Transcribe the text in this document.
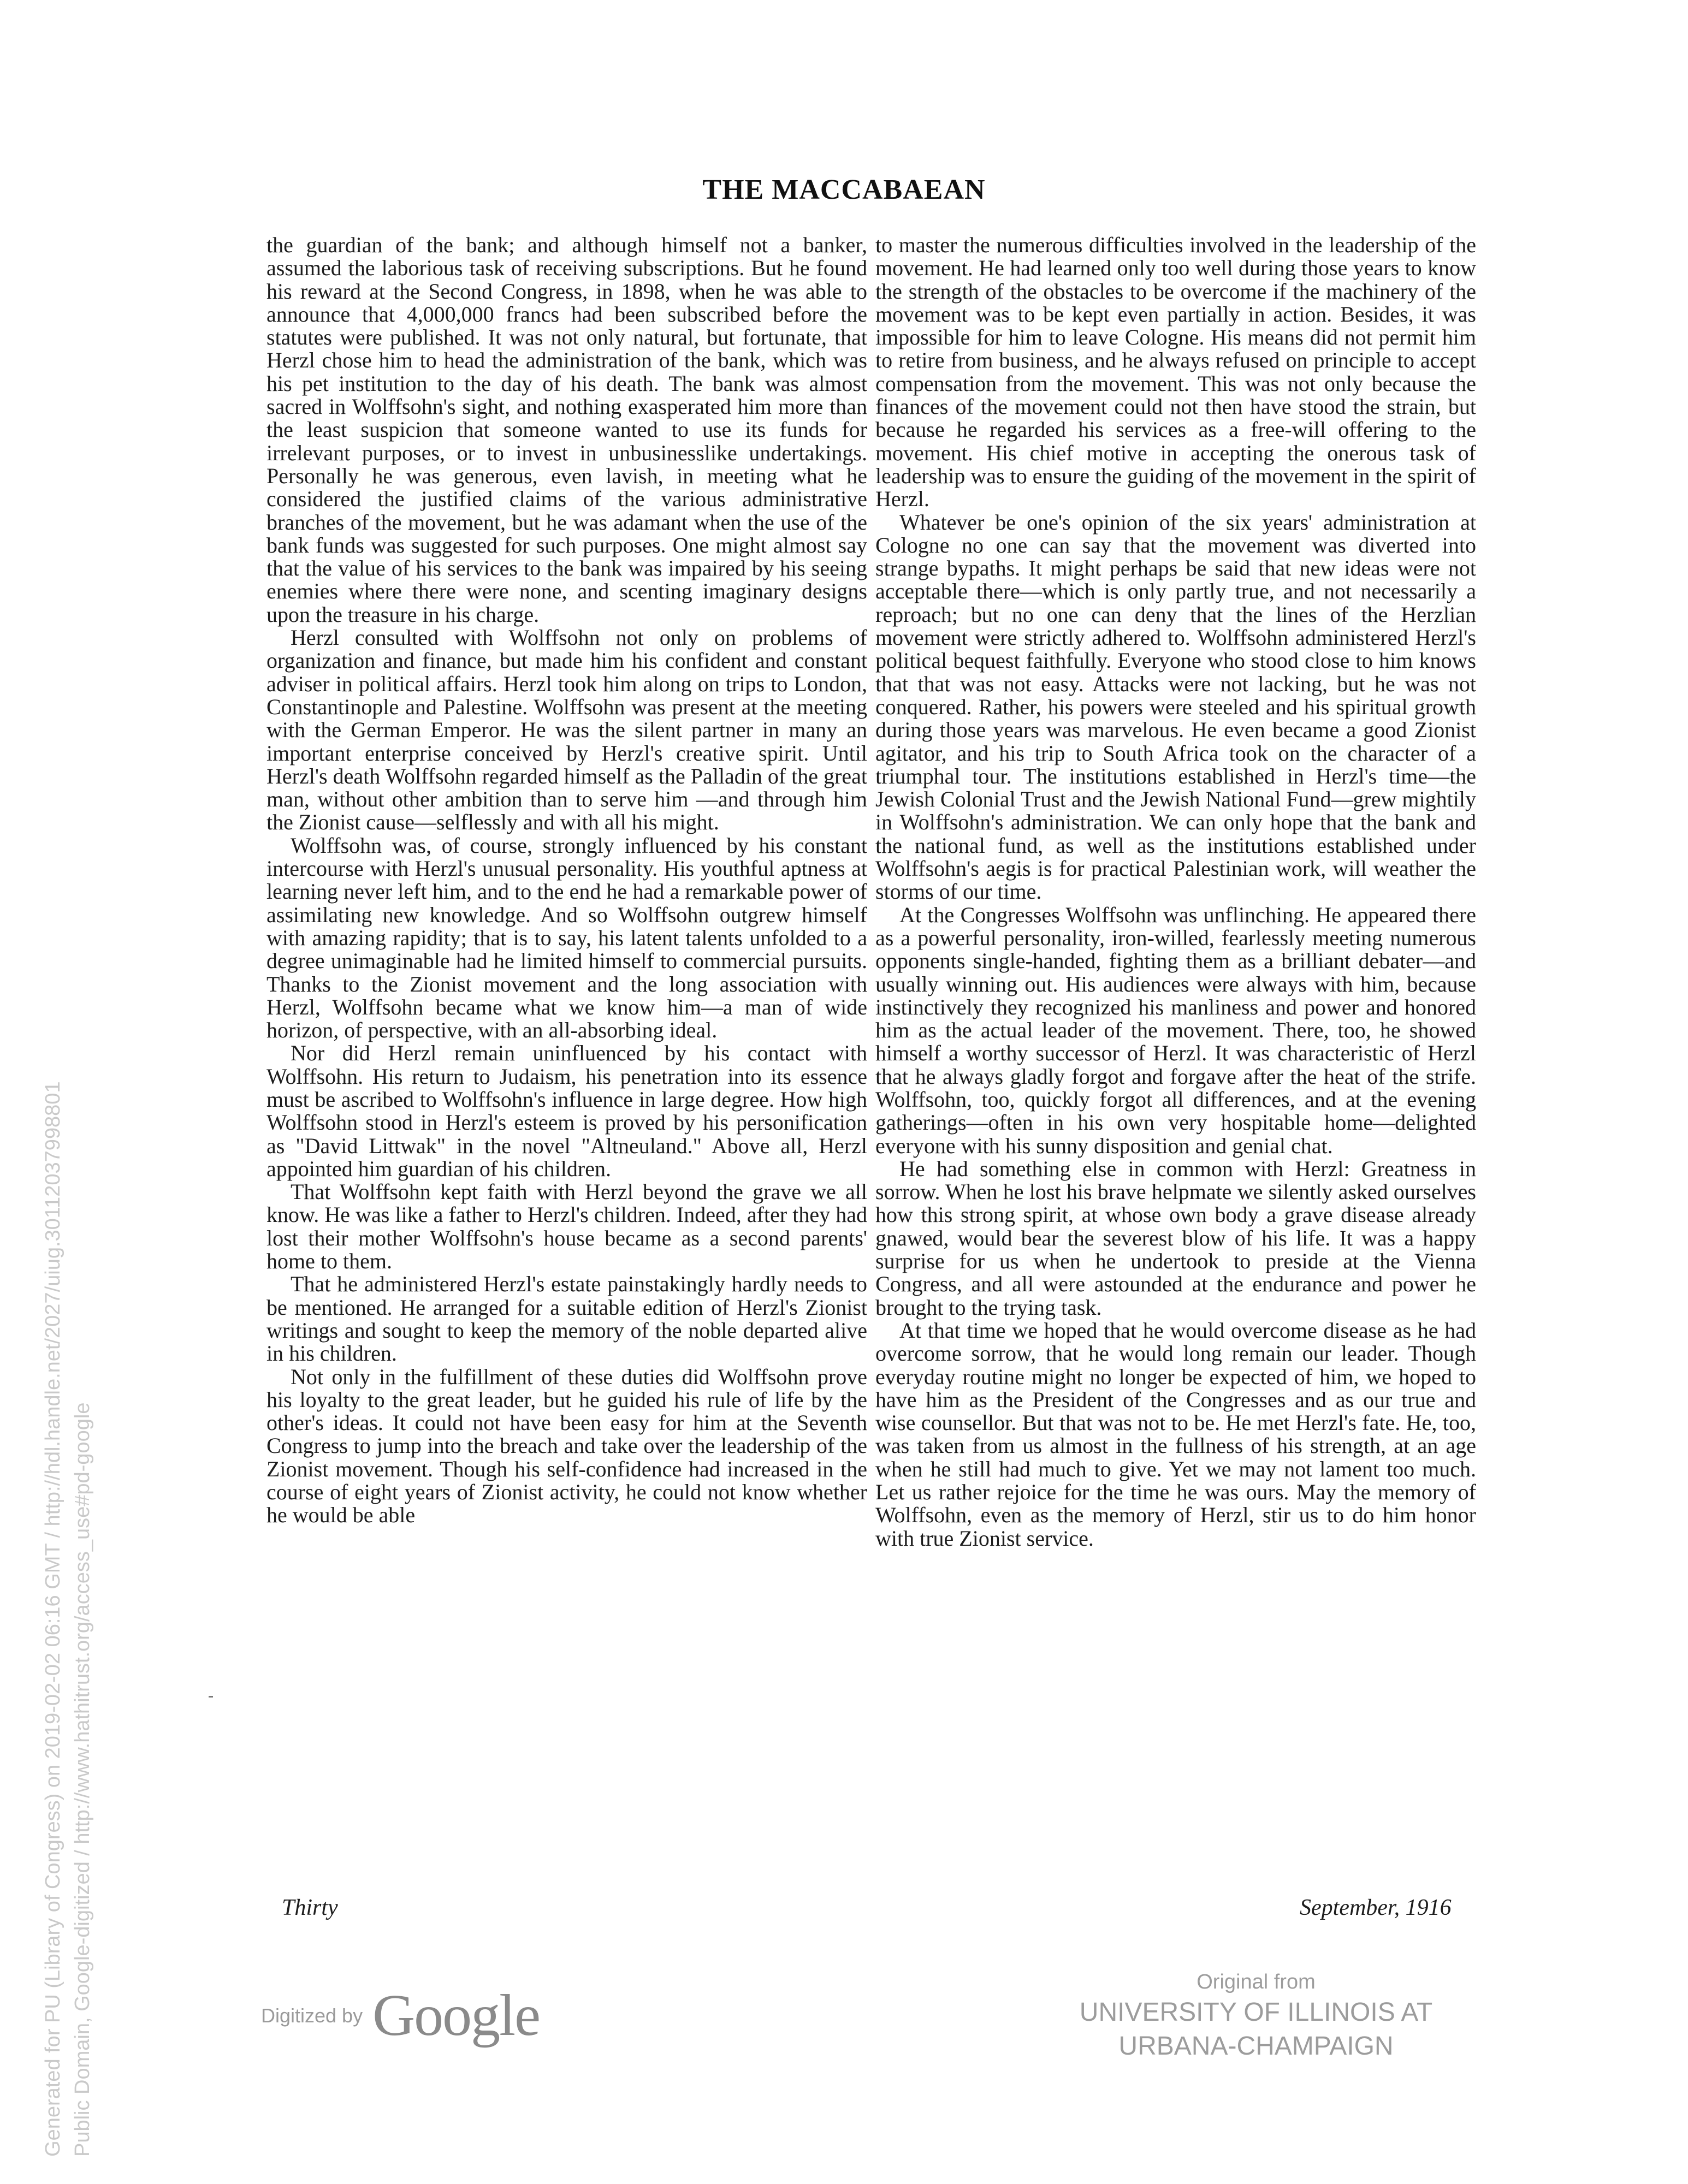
THE MACCABAEAN

the guardian of the bank; and although himself not a banker, assumed the laborious task of receiving subscriptions. But he found his reward at the Second Congress, in 1898, when he was able to announce that 4,000,000 francs had been subscribed before the statutes were published. It was not only natural, but fortunate, that Herzl chose him to head the administration of the bank, which was his pet institution to the day of his death. The bank was almost sacred in Wolffsohn's sight, and nothing exasperated him more than the least suspicion that someone wanted to use its funds for irrelevant purposes, or to invest in unbusinesslike undertakings. Personally he was generous, even lavish, in meeting what he considered the justified claims of the various administrative branches of the movement, but he was adamant when the use of the bank funds was suggested for such purposes. One might almost say that the value of his services to the bank was impaired by his seeing enemies where there were none, and scenting imaginary designs upon the treasure in his charge.

Herzl consulted with Wolffsohn not only on problems of organization and finance, but made him his confident and constant adviser in political affairs. Herzl took him along on trips to London, Constantinople and Palestine. Wolffsohn was present at the meeting with the German Emperor. He was the silent partner in many an important enterprise conceived by Herzl's creative spirit. Until Herzl's death Wolffsohn regarded himself as the Palladin of the great man, without other ambition than to serve him —and through him the Zionist cause—selflessly and with all his might.

Wolffsohn was, of course, strongly influenced by his constant intercourse with Herzl's unusual personality. His youthful aptness at learning never left him, and to the end he had a remarkable power of assimilating new knowledge. And so Wolffsohn outgrew himself with amazing rapidity; that is to say, his latent talents unfolded to a degree unimaginable had he limited himself to commercial pursuits. Thanks to the Zionist movement and the long association with Herzl, Wolffsohn became what we know him—a man of wide horizon, of perspective, with an all-absorbing ideal.

Nor did Herzl remain uninfluenced by his contact with Wolffsohn. His return to Judaism, his penetration into its essence must be ascribed to Wolffsohn's influence in large degree. How high Wolffsohn stood in Herzl's esteem is proved by his personification as "David Littwak" in the novel "Altneuland." Above all, Herzl appointed him guardian of his children.

That Wolffsohn kept faith with Herzl beyond the grave we all know. He was like a father to Herzl's children. Indeed, after they had lost their mother Wolffsohn's house became as a second parents' home to them.

That he administered Herzl's estate painstakingly hardly needs to be mentioned. He arranged for a suitable edition of Herzl's Zionist writings and sought to keep the memory of the noble departed alive in his children.

Not only in the fulfillment of these duties did Wolffsohn prove his loyalty to the great leader, but he guided his rule of life by the other's ideas. It could not have been easy for him at the Seventh Congress to jump into the breach and take over the leadership of the Zionist movement. Though his self-confidence had increased in the course of eight years of Zionist activity, he could not know whether he would be able

to master the numerous difficulties involved in the leadership of the movement. He had learned only too well during those years to know the strength of the obstacles to be overcome if the machinery of the movement was to be kept even partially in action. Besides, it was impossible for him to leave Cologne. His means did not permit him to retire from business, and he always refused on principle to accept compensation from the movement. This was not only because the finances of the movement could not then have stood the strain, but because he regarded his services as a free-will offering to the movement. His chief motive in accepting the onerous task of leadership was to ensure the guiding of the movement in the spirit of Herzl.

Whatever be one's opinion of the six years' administration at Cologne no one can say that the movement was diverted into strange bypaths. It might perhaps be said that new ideas were not acceptable there—which is only partly true, and not necessarily a reproach; but no one can deny that the lines of the Herzlian movement were strictly adhered to. Wolffsohn administered Herzl's political bequest faithfully. Everyone who stood close to him knows that that was not easy. Attacks were not lacking, but he was not conquered. Rather, his powers were steeled and his spiritual growth during those years was marvelous. He even became a good Zionist agitator, and his trip to South Africa took on the character of a triumphal tour. The institutions established in Herzl's time—the Jewish Colonial Trust and the Jewish National Fund—grew mightily in Wolffsohn's administration. We can only hope that the bank and the national fund, as well as the institutions established under Wolffsohn's aegis is for practical Palestinian work, will weather the storms of our time.

At the Congresses Wolffsohn was unflinching. He appeared there as a powerful personality, iron-willed, fearlessly meeting numerous opponents single-handed, fighting them as a brilliant debater—and usually winning out. His audiences were always with him, because instinctively they recognized his manliness and power and honored him as the actual leader of the movement. There, too, he showed himself a worthy successor of Herzl. It was characteristic of Herzl that he always gladly forgot and forgave after the heat of the strife. Wolffsohn, too, quickly forgot all differences, and at the evening gatherings—often in his own very hospitable home—delighted everyone with his sunny disposition and genial chat.

He had something else in common with Herzl: Greatness in sorrow. When he lost his brave helpmate we silently asked ourselves how this strong spirit, at whose own body a grave disease already gnawed, would bear the severest blow of his life. It was a happy surprise for us when he undertook to preside at the Vienna Congress, and all were astounded at the endurance and power he brought to the trying task.

At that time we hoped that he would overcome disease as he had overcome sorrow, that he would long remain our leader. Though everyday routine might no longer be expected of him, we hoped to have him as the President of the Congresses and as our true and wise counsellor. But that was not to be. He met Herzl's fate. He, too, was taken from us almost in the fullness of his strength, at an age when he still had much to give. Yet we may not lament too much. Let us rather rejoice for the time he was ours. May the memory of Wolffsohn, even as the memory of Herzl, stir us to do him honor with true Zionist service.

Thirty	September, 1916

Digitized by Google
Original from
UNIVERSITY OF ILLINOIS AT
URBANA-CHAMPAIGN
Generated for PU (Library of Congress) on 2019-02-02 06:16 GMT / http://hdl.handle.net/2027/uiug.30112037998801 Public Domain, Google-digitized / http://www.hathitrust.org/access_use#pd-google
